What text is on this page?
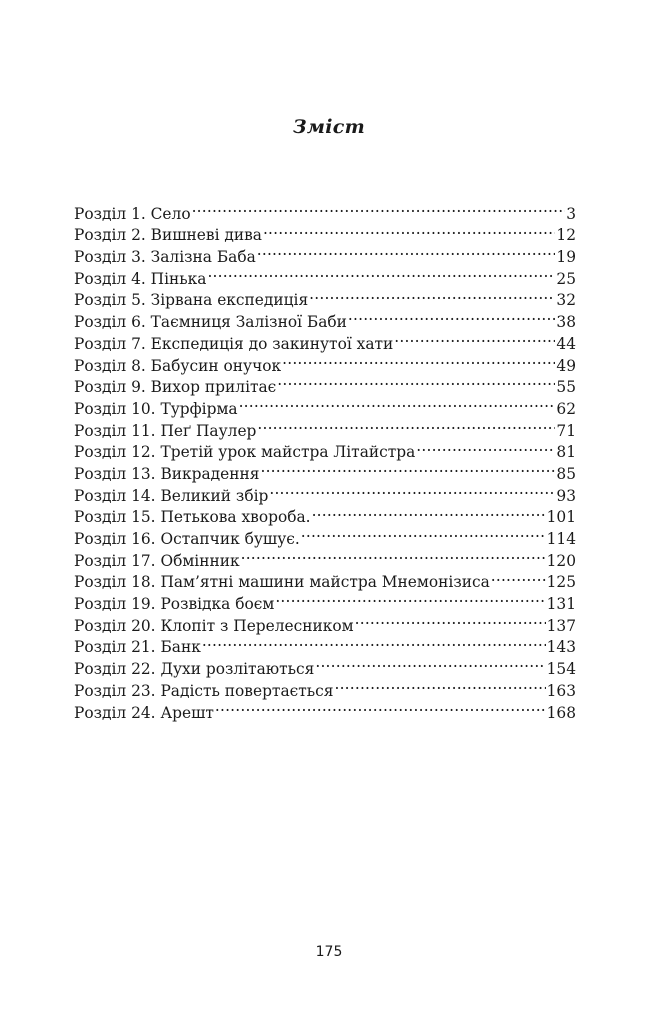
Зміст
Розділ 1. Село .....	3
Розділ 2. Вишневі дива .....	12
Розділ 3. Залізна Баба .....	19
Розділ 4. Пінька .....	25
Розділ 5. Зірвана експедиція .....	32
Розділ 6. Таємниця Залізної Баби .....	38
Розділ 7. Експедиція до закинутої хати .....	44
Розділ 8. Бабусин онучок .....	49
Розділ 9. Вихор прилітає .....	55
Розділ 10. Турфірма .....	62
Розділ 11. Пеґ Паулер .....	71
Розділ 12. Третій урок майстра Літайстра .....	81
Розділ 13. Викрадення .....	85
Розділ 14. Великий збір .....	93
Розділ 15. Петькова хвороба. .....	101
Розділ 16. Остапчик бушує. .....	114
Розділ 17. Обмінник .....	120
Розділ 18. Пам’ятні машини майстра Мнемонізиса .....	125
Розділ 19. Розвідка боєм .....	131
Розділ 20. Клопіт з Перелесником .....	137
Розділ 21. Банк .....	143
Розділ 22. Духи розлітаються .....	154
Розділ 23. Радість повертається .....	163
Розділ 24. Арешт .....	168
175
